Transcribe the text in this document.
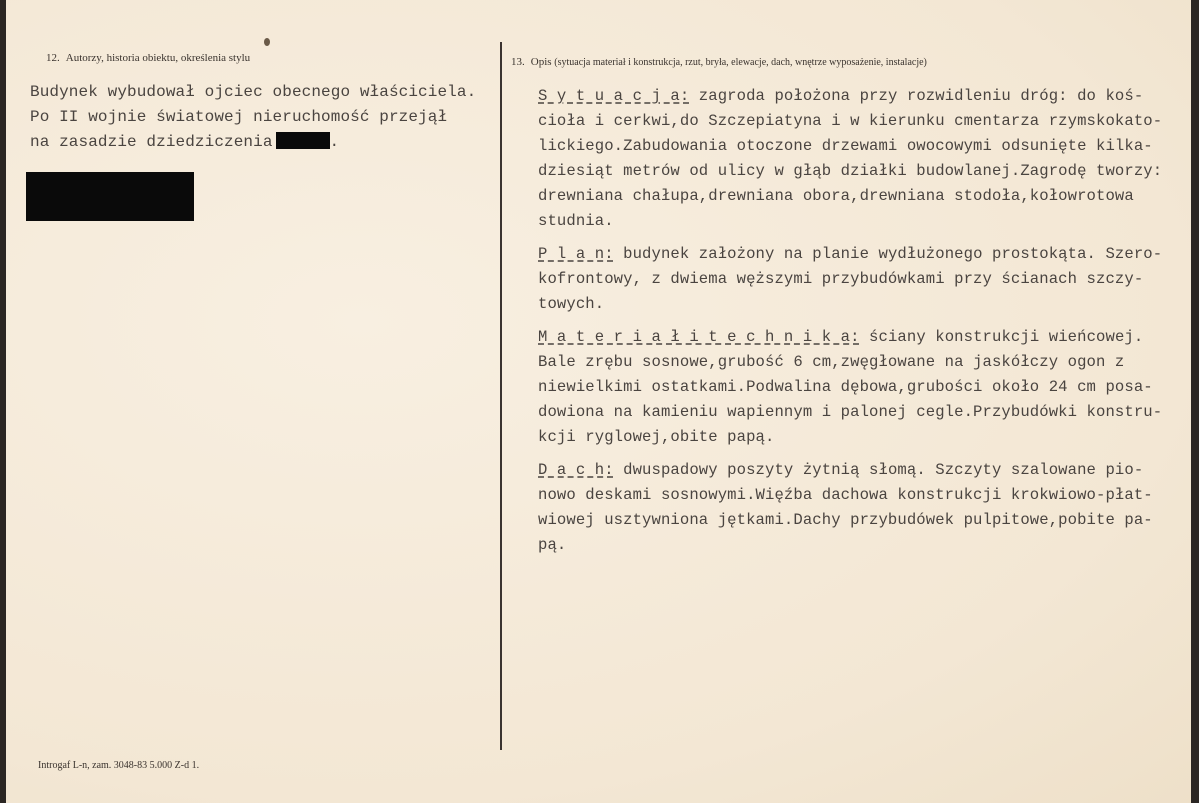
12. Autorzy, historia obiektu, określenia stylu
Budynek wybudował ojciec obecnego właściciela.
Po II wojnie światowej nieruchomość przejął
na zasadzie dziedziczenia	.
13. Opis (sytuacja materiał i konstrukcja, rzut, bryła, elewacje, dach, wnętrze wyposażenie, instalacje)
S y t u a c j a: zagroda położona przy rozwidleniu dróg: do koś-
cioła i cerkwi,do Szczepiatyna i w kierunku cmentarza rzymskokato-
lickiego.Zabudowania otoczone drzewami owocowymi odsunięte kilka-
dziesiąt metrów od ulicy w głąb działki budowlanej.Zagrodę tworzy:
drewniana chałupa,drewniana obora,drewniana stodoła,kołowrotowa
studnia.
P l a n: budynek założony na planie wydłużonego prostokąta. Szero-
kofrontowy, z dwiema węższymi przybudówkami przy ścianach szczy-
towych.
M a t e r i a ł i t e c h n i k a: ściany konstrukcji wieńcowej.
Bale zrębu sosnowe,grubość 6 cm,zwęgłowane na jaskółczy ogon z
niewielkimi ostatkami.Podwalina dębowa,grubości około 24 cm posa-
dowiona na kamieniu wapiennym i palonej cegle.Przybudówki konstru-
kcji ryglowej,obite papą.
D a c h: dwuspadowy poszyty żytnią słomą. Szczyty szalowane pio-
nowo deskami sosnowymi.Więźba dachowa konstrukcji krokwiowo-płat-
wiowej usztywniona jętkami.Dachy przybudówek pulpitowe,pobite pa-
pą.
Introgaf L-n, zam. 3048-83 5.000 Z-d 1.
